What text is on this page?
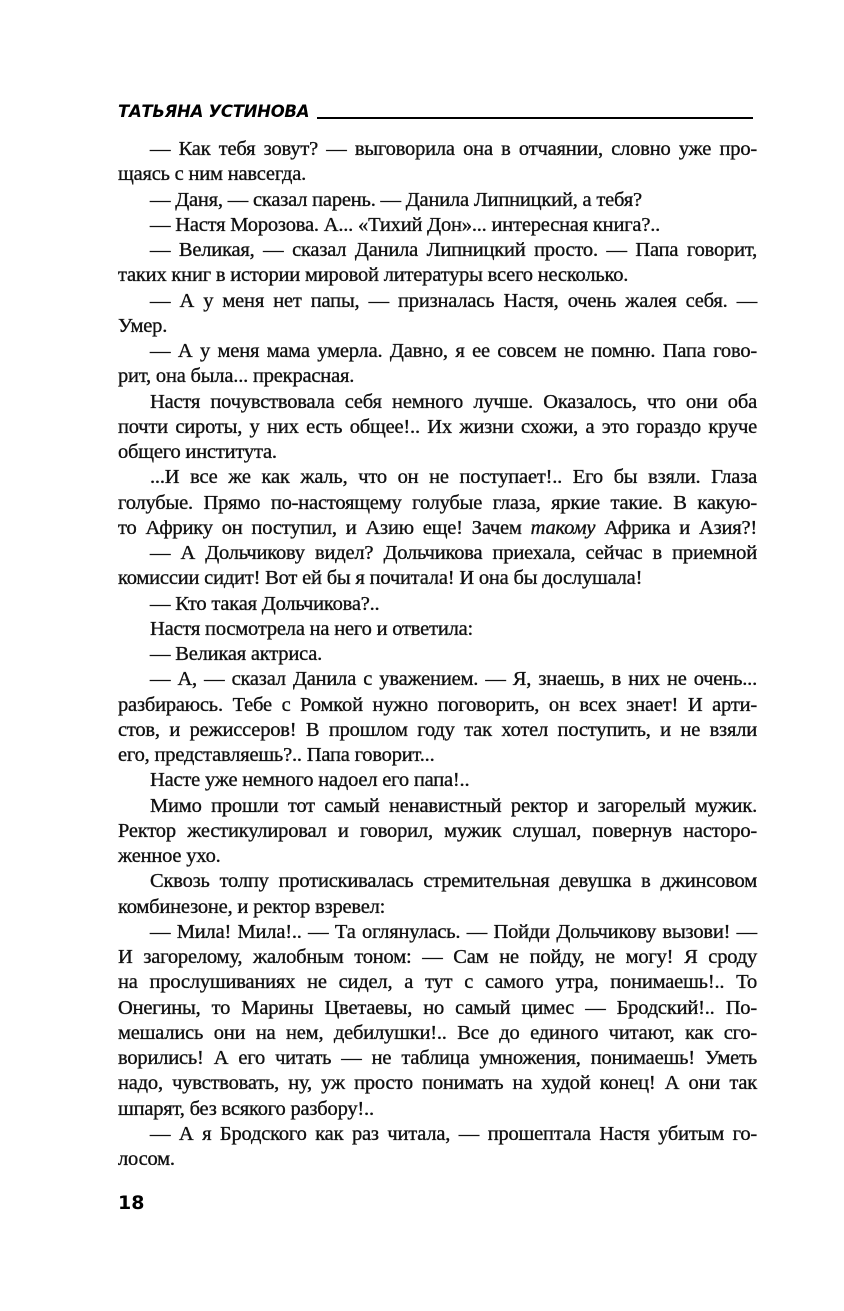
ТАТЬЯНА УСТИНОВА
— Как тебя зовут? — выговорила она в отчаянии, словно уже про-
щаясь с ним навсегда.
— Даня, — сказал парень. — Данила Липницкий, а тебя?
— Настя Морозова. А... «Тихий Дон»... интересная книга?..
— Великая, — сказал Данила Липницкий просто. — Папа говорит,
таких книг в истории мировой литературы всего несколько.
— А у меня нет папы, — призналась Настя, очень жалея себя. —
Умер.
— А у меня мама умерла. Давно, я ее совсем не помню. Папа гово-
рит, она была... прекрасная.
Настя почувствовала себя немного лучше. Оказалось, что они оба
почти сироты, у них есть общее!.. Их жизни схожи, а это гораздо круче
общего института.
...И все же как жаль, что он не поступает!.. Его бы взяли. Глаза
голубые. Прямо по-настоящему голубые глаза, яркие такие. В какую-
то Африку он поступил, и Азию еще! Зачем такому Африка и Азия?!
— А Дольчикову видел? Дольчикова приехала, сейчас в приемной
комиссии сидит! Вот ей бы я почитала! И она бы дослушала!
— Кто такая Дольчикова?..
Настя посмотрела на него и ответила:
— Великая актриса.
— А, — сказал Данила с уважением. — Я, знаешь, в них не очень...
разбираюсь. Тебе с Ромкой нужно поговорить, он всех знает! И арти-
стов, и режиссеров! В прошлом году так хотел поступить, и не взяли
его, представляешь?.. Папа говорит...
Насте уже немного надоел его папа!..
Мимо прошли тот самый ненавистный ректор и загорелый мужик.
Ректор жестикулировал и говорил, мужик слушал, повернув насторо-
женное ухо.
Сквозь толпу протискивалась стремительная девушка в джинсовом
комбинезоне, и ректор взревел:
— Мила! Мила!.. — Та оглянулась. — Пойди Дольчикову вызови! —
И загорелому, жалобным тоном: — Сам не пойду, не могу! Я сроду
на прослушиваниях не сидел, а тут с самого утра, понимаешь!.. То
Онегины, то Марины Цветаевы, но самый цимес — Бродский!.. По-
мешались они на нем, дебилушки!.. Все до единого читают, как сго-
ворились! А его читать — не таблица умножения, понимаешь! Уметь
надо, чувствовать, ну, уж просто понимать на худой конец! А они так
шпарят, без всякого разбору!..
— А я Бродского как раз читала, — прошептала Настя убитым го-
лосом.
18
